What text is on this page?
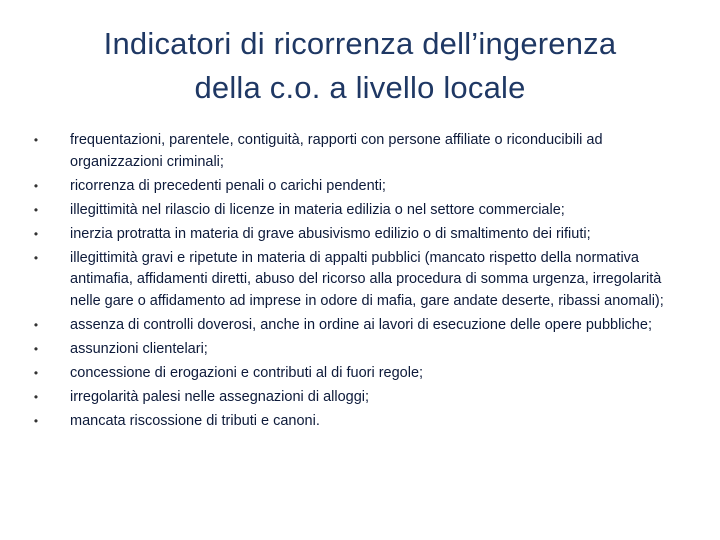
Indicatori di ricorrenza dell’ingerenza
della c.o. a livello locale
• frequentazioni, parentele, contiguità, rapporti con persone affiliate o riconducibili ad organizzazioni criminali;
• ricorrenza di precedenti penali o carichi pendenti;
• illegittimità nel rilascio di licenze in materia edilizia o nel settore commerciale;
• inerzia protratta in materia di grave abusivismo edilizio o di smaltimento dei rifiuti;
• illegittimità gravi e ripetute in materia di appalti pubblici (mancato rispetto della normativa antimafia, affidamenti diretti, abuso del ricorso alla procedura di somma urgenza, irregolarità nelle gare o affidamento ad imprese in odore di mafia, gare andate deserte, ribassi anomali);
• assenza di controlli doverosi, anche in ordine ai lavori di esecuzione delle opere pubbliche;
• assunzioni clientelari;
• concessione di erogazioni e contributi al di fuori regole;
• irregolarità palesi nelle assegnazioni di alloggi;
• mancata riscossione di tributi e canoni.
